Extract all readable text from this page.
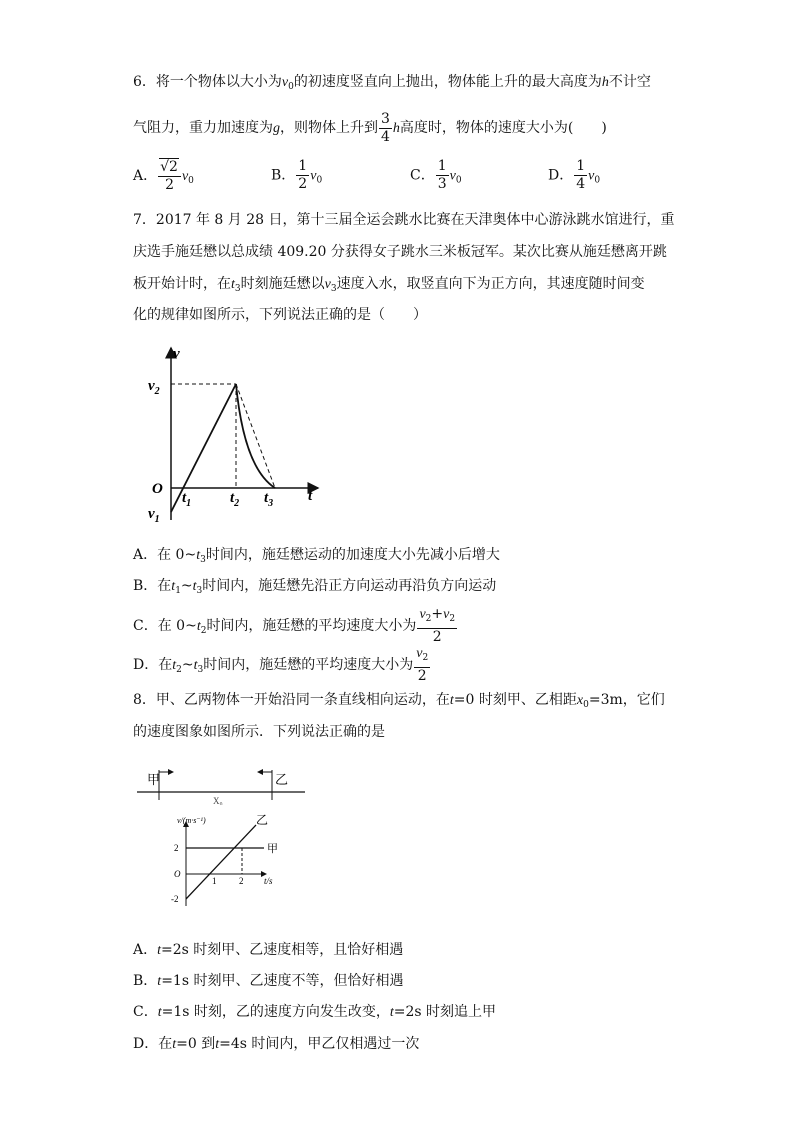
6．将一个物体以大小为$v_0$的初速度竖直向上抛出，物体能上升的最大高度为h不计空
气阻力，重力加速度为g，则物体上升到 $\frac{3}{4}$ h高度时，物体的速度大小为(　　)
A． $\frac{√2}{2} v_0$	B． $\frac{1}{2} v_0$	C． $\frac{1}{3} v_0$	D． $\frac{1}{4} v_0$
7．2017 年 8 月 28 日，第十三届全运会跳水比赛在天津奥体中心游泳跳水馆进行，重
庆选手施廷懋以总成绩 409.20 分获得女子跳水三米板冠军。某次比赛从施廷懋离开跳
板开始计时，在$t_3$时刻施廷懋以$v_3$速度入水，取竖直向下为正方向，其速度随时间变
化的规律如图所示，下列说法正确的是（　　）
v
$v_2$
O	t
$t_1$	$t_2$ $t_3$
$v_1$
A．在 $0\sim t_3$时间内，施廷懋运动的加速度大小先减小后增大
B．在$t_1\sim t_3$时间内，施廷懋先沿正方向运动再沿负方向运动
C．在 $0\sim t_2$时间内，施廷懋的平均速度大小为 $\frac{v_2+v_2}{2}$
D．在$t_2\sim t_3$时间内，施廷懋的平均速度大小为 $\frac{v_2}{2}$
8．甲、乙两物体一开始沿同一条直线相向运动，在t=0 时刻甲、乙相距$x_0=3m$，它们
的速度图象如图所示．下列说法正确的是
甲	乙
X₀
v/(m·s⁻¹)	乙
甲
2
O
-2
1	2 t/s
A．t=2s 时刻甲、乙速度相等，且恰好相遇
B．t=1s 时刻甲、乙速度不等，但恰好相遇
C．t=1s 时刻，乙的速度方向发生改变，t=2s 时刻追上甲
D．在t=0 到t=4s 时间内，甲乙仅相遇过一次
